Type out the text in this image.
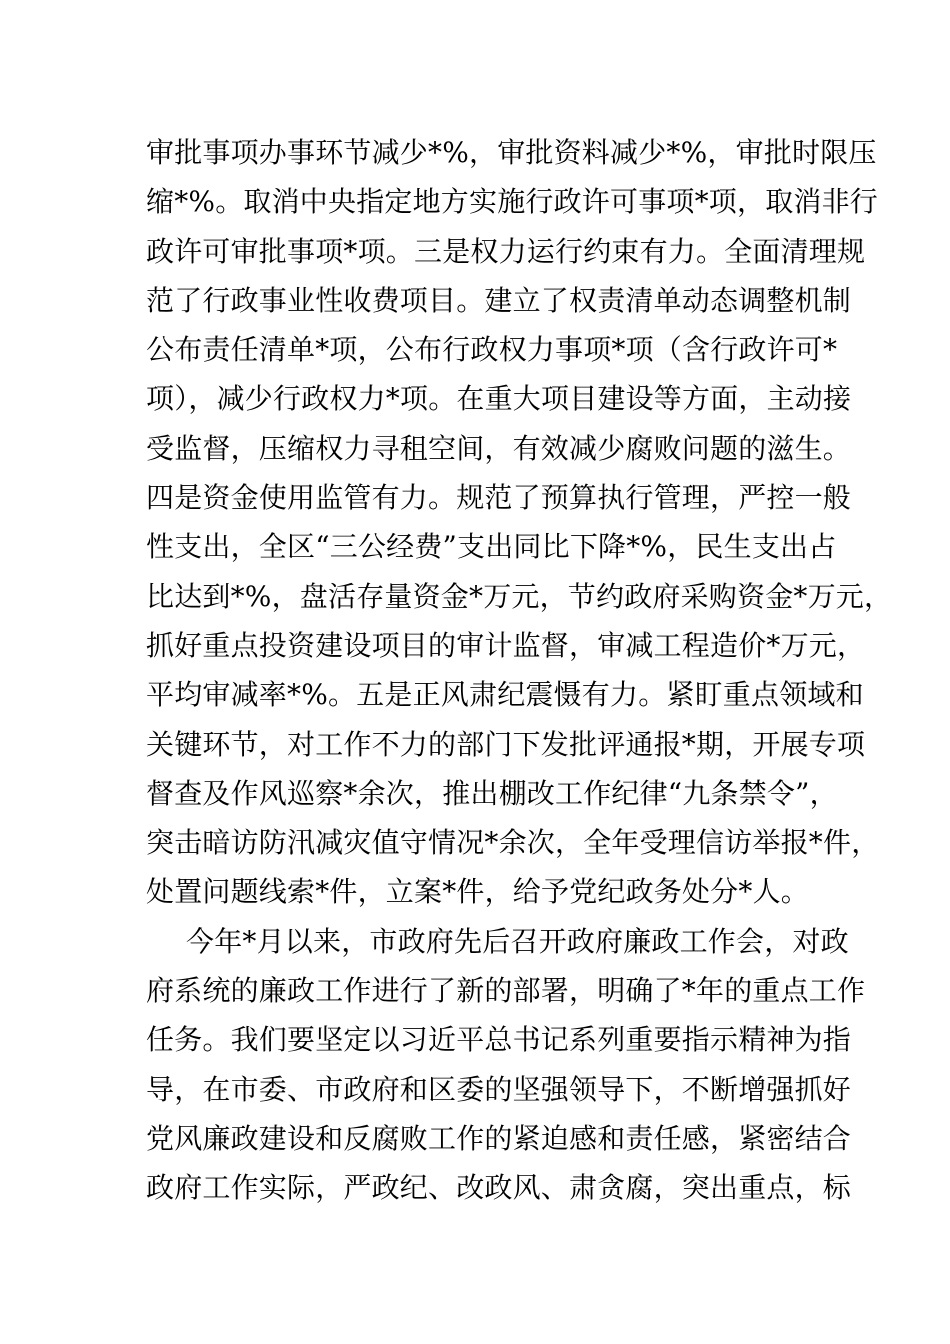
审批事项办事环节减少*%，审批资料减少*%，审批时限压
缩*%。取消中央指定地方实施行政许可事项*项，取消非行
政许可审批事项*项。三是权力运行约束有力。全面清理规
范了行政事业性收费项目。建立了权责清单动态调整机制
公布责任清单*项，公布行政权力事项*项（含行政许可*
项），减少行政权力*项。在重大项目建设等方面，主动接
受监督，压缩权力寻租空间，有效减少腐败问题的滋生。
四是资金使用监管有力。规范了预算执行管理，严控一般
性支出，全区“三公经费”支出同比下降*%，民生支出占
比达到*%，盘活存量资金*万元，节约政府采购资金*万元，
抓好重点投资建设项目的审计监督，审减工程造价*万元，
平均审减率*%。五是正风肃纪震慑有力。紧盯重点领域和
关键环节，对工作不力的部门下发批评通报*期，开展专项
督查及作风巡察*余次，推出棚改工作纪律“九条禁令”，
突击暗访防汛减灾值守情况*余次，全年受理信访举报*件，
处置问题线索*件，立案*件，给予党纪政务处分*人。
今年*月以来，市政府先后召开政府廉政工作会，对政
府系统的廉政工作进行了新的部署，明确了*年的重点工作
任务。我们要坚定以习近平总书记系列重要指示精神为指
导，在市委、市政府和区委的坚强领导下，不断增强抓好
党风廉政建设和反腐败工作的紧迫感和责任感，紧密结合
政府工作实际，严政纪、改政风、肃贪腐，突出重点，标
